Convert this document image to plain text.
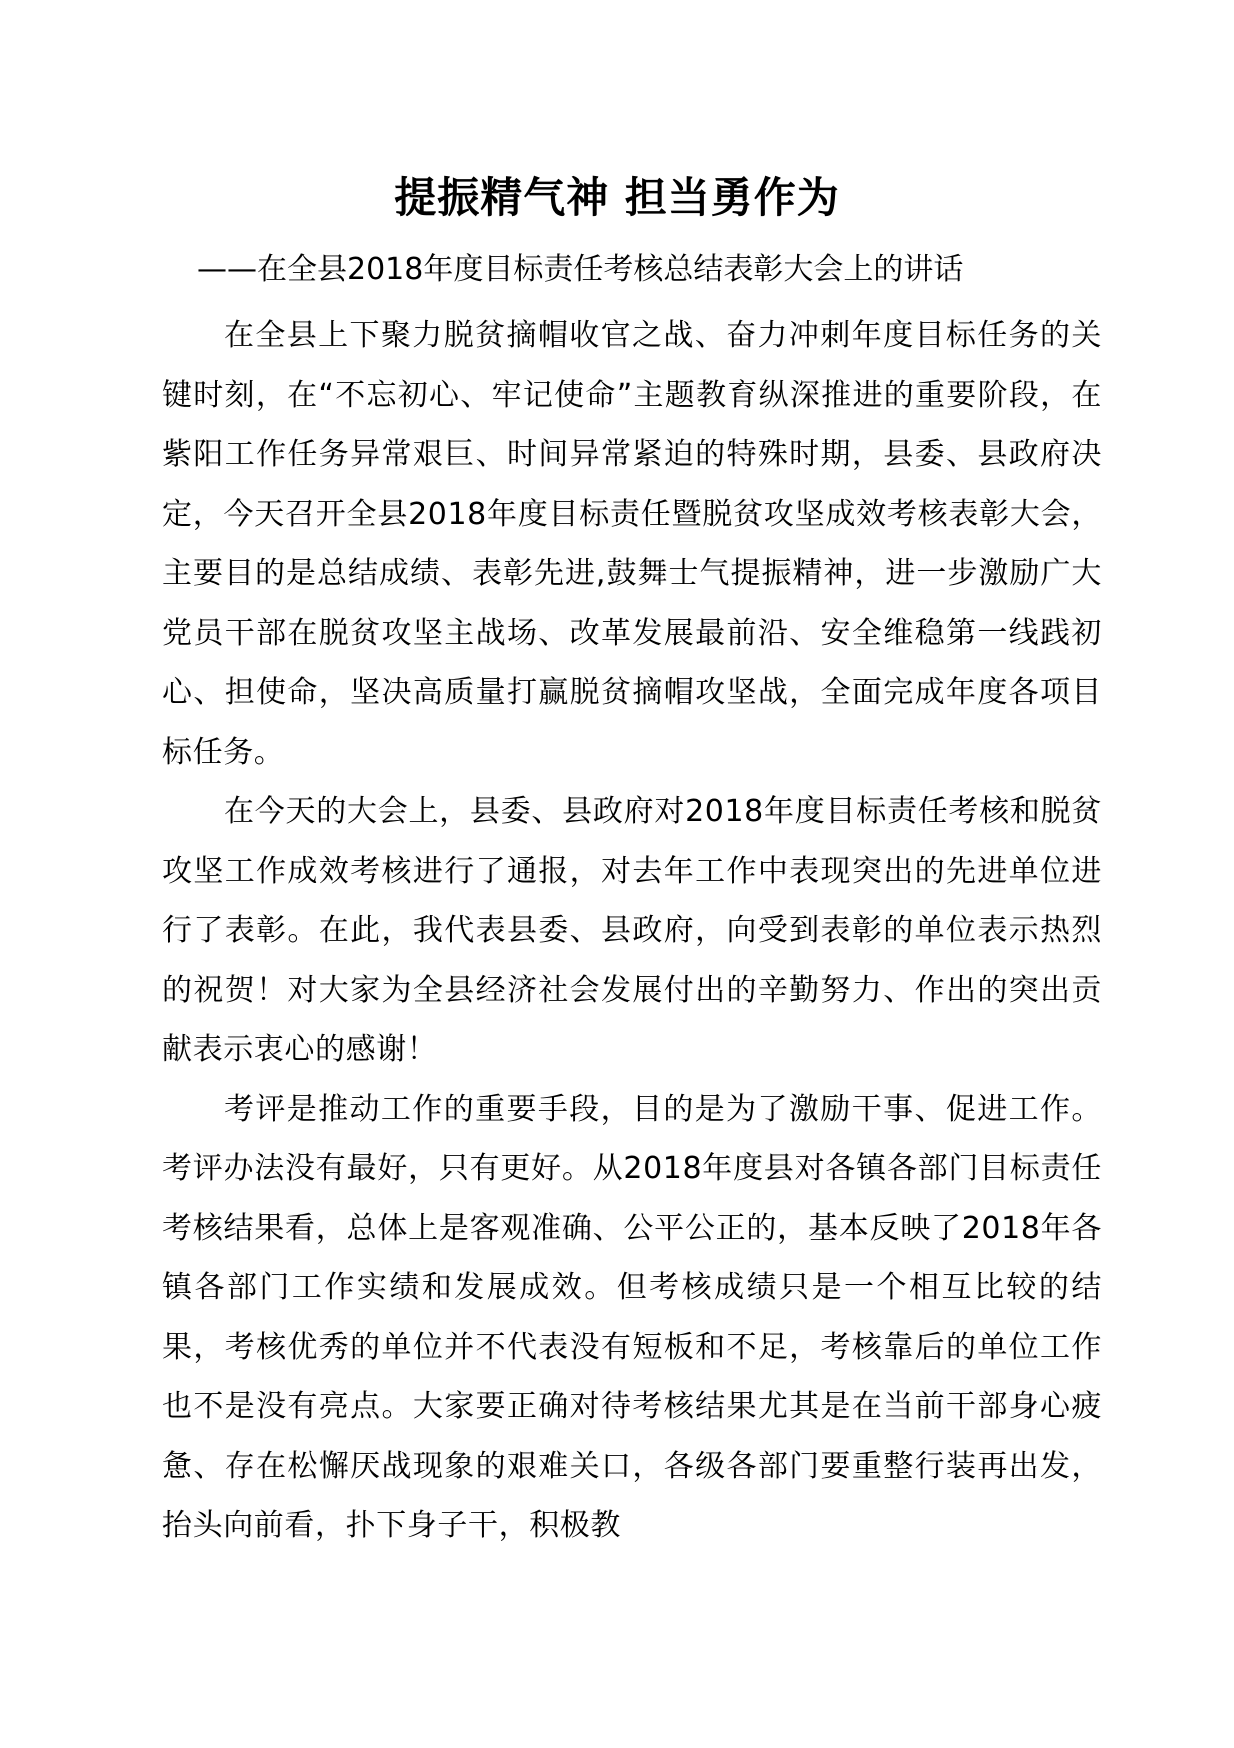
提振精气神 担当勇作为
——在全县2018年度目标责任考核总结表彰大会上的讲话

在全县上下聚力脱贫摘帽收官之战、奋力冲刺年度目标任务的关键时刻，在“不忘初心、牢记使命”主题教育纵深推进的重要阶段，在紫阳工作任务异常艰巨、时间异常紧迫的特殊时期，县委、县政府决定，今天召开全县2018年度目标责任暨脱贫攻坚成效考核表彰大会，主要目的是总结成绩、表彰先进,鼓舞士气提振精神，进一步激励广大党员干部在脱贫攻坚主战场、改革发展最前沿、安全维稳第一线践初心、担使命，坚决高质量打赢脱贫摘帽攻坚战，全面完成年度各项目标任务。

在今天的大会上，县委、县政府对2018年度目标责任考核和脱贫攻坚工作成效考核进行了通报，对去年工作中表现突出的先进单位进行了表彰。在此，我代表县委、县政府，向受到表彰的单位表示热烈的祝贺！对大家为全县经济社会发展付出的辛勤努力、作出的突出贡献表示衷心的感谢！

考评是推动工作的重要手段，目的是为了激励干事、促进工作。考评办法没有最好，只有更好。从2018年度县对各镇各部门目标责任考核结果看，总体上是客观准确、公平公正的，基本反映了2018年各镇各部门工作实绩和发展成效。但考核成绩只是一个相互比较的结果，考核优秀的单位并不代表没有短板和不足，考核靠后的单位工作也不是没有亮点。大家要正确对待考核结果尤其是在当前干部身心疲惫、存在松懈厌战现象的艰难关口，各级各部门要重整行装再出发，抬头向前看，扑下身子干，积极教
